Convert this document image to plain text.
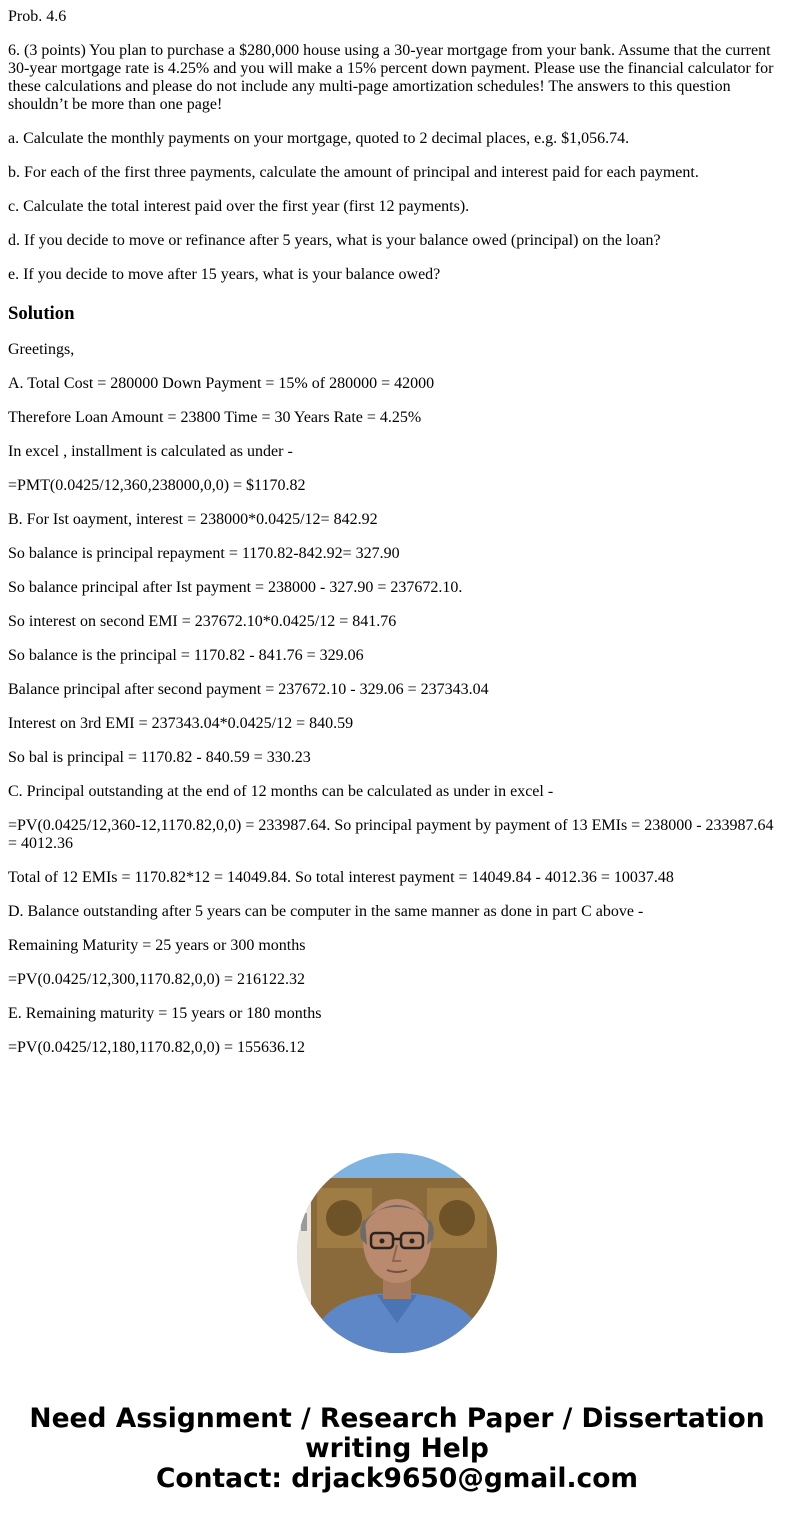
Prob. 4.6

6. (3 points) You plan to purchase a $280,000 house using a 30-year mortgage from your bank. Assume that the current 30-year mortgage rate is 4.25% and you will make a 15% percent down payment. Please use the financial calculator for these calculations and please do not include any multi-page amortization schedules! The answers to this question shouldn’t be more than one page!

a. Calculate the monthly payments on your mortgage, quoted to 2 decimal places, e.g. $1,056.74.

b. For each of the first three payments, calculate the amount of principal and interest paid for each payment.

c. Calculate the total interest paid over the first year (first 12 payments).

d. If you decide to move or refinance after 5 years, what is your balance owed (principal) on the loan?

e. If you decide to move after 15 years, what is your balance owed?

Solution

Greetings,

A. Total Cost = 280000 Down Payment = 15% of 280000 = 42000

Therefore Loan Amount = 23800 Time = 30 Years Rate = 4.25%

In excel , installment is calculated as under -

=PMT(0.0425/12,360,238000,0,0) = $1170.82

B. For Ist oayment, interest = 238000*0.0425/12= 842.92

So balance is principal repayment = 1170.82-842.92= 327.90

So balance principal after Ist payment = 238000 - 327.90 = 237672.10.

So interest on second EMI = 237672.10*0.0425/12 = 841.76

So balance is the principal = 1170.82 - 841.76 = 329.06

Balance principal after second payment = 237672.10 - 329.06 = 237343.04

Interest on 3rd EMI = 237343.04*0.0425/12 = 840.59

So bal is principal = 1170.82 - 840.59 = 330.23

C. Principal outstanding at the end of 12 months can be calculated as under in excel -

=PV(0.0425/12,360-12,1170.82,0,0) = 233987.64. So principal payment by payment of 13 EMIs = 238000 - 233987.64 = 4012.36

Total of 12 EMIs = 1170.82*12 = 14049.84. So total interest payment = 14049.84 - 4012.36 = 10037.48

D. Balance outstanding after 5 years can be computer in the same manner as done in part C above -

Remaining Maturity = 25 years or 300 months

=PV(0.0425/12,300,1170.82,0,0) = 216122.32

E. Remaining maturity = 15 years or 180 months

=PV(0.0425/12,180,1170.82,0,0) = 155636.12

Need Assignment / Research Paper / Dissertation
writing Help
Contact: drjack9650@gmail.com
